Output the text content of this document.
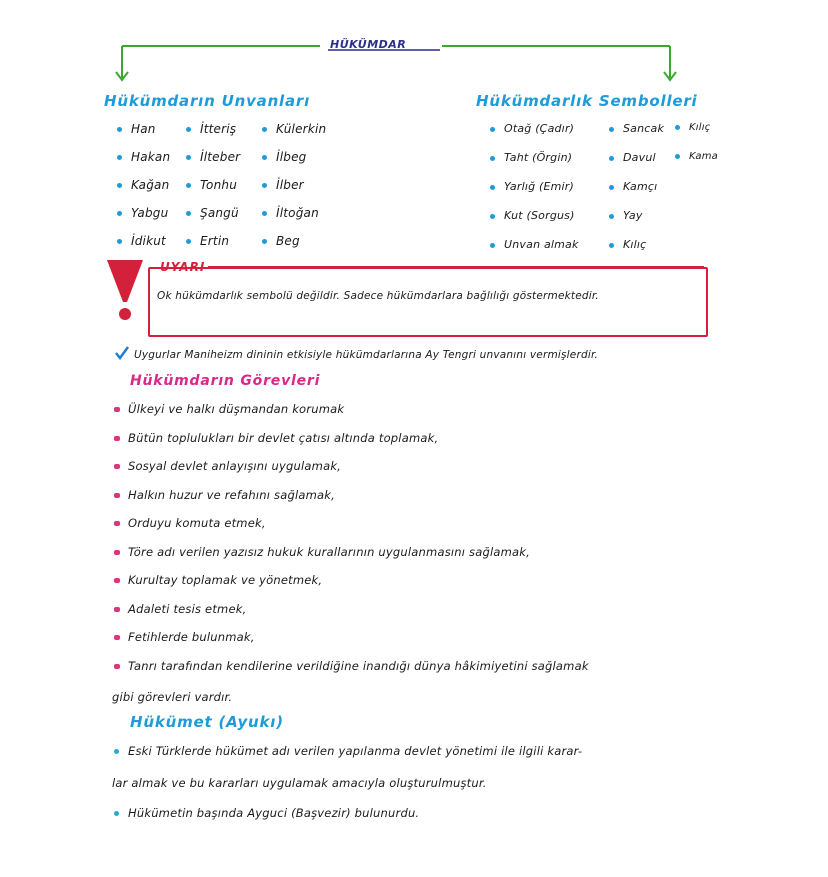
HÜKÜMDAR
Hükümdarın Unvanları
Han
Hakan
Kağan
Yabgu
İdikut
İtteriş
İlteber
Tonhu
Şangü
Ertin
Külerkin
İlbeg
İlber
İltoğan
Beg
Hükümdarlık Sembolleri
Otağ (Çadır)
Taht (Örgin)
Yarlığ (Emir)
Kut (Sorgus)
Unvan almak
Sancak
Davul
Kamçı
Yay
Kılıç
Kılıç
Kama
UYARI
Ok hükümdarlık sembolü değildir. Sadece hükümdarlara bağlılığı göstermektedir.
Uygurlar Maniheizm dininin etkisiyle hükümdarlarına Ay Tengri unvanını vermişlerdir.
Hükümdarın Görevleri
Ülkeyi ve halkı düşmandan korumak
Bütün toplulukları bir devlet çatısı altında toplamak,
Sosyal devlet anlayışını uygulamak,
Halkın huzur ve refahını sağlamak,
Orduyu komuta etmek,
Töre adı verilen yazısız hukuk kurallarının uygulanmasını sağlamak,
Kurultay toplamak ve yönetmek,
Adaleti tesis etmek,
Fetihlerde bulunmak,
Tanrı tarafından kendilerine verildiğine inandığı dünya hâkimiyetini sağlamak
gibi görevleri vardır.
Hükümet (Ayukı)
Eski Türklerde hükümet adı verilen yapılanma devlet yönetimi ile ilgili karar-
lar almak ve bu kararları uygulamak amacıyla oluşturulmuştur.
Hükümetin başında Ayguci (Başvezir) bulunurdu.
